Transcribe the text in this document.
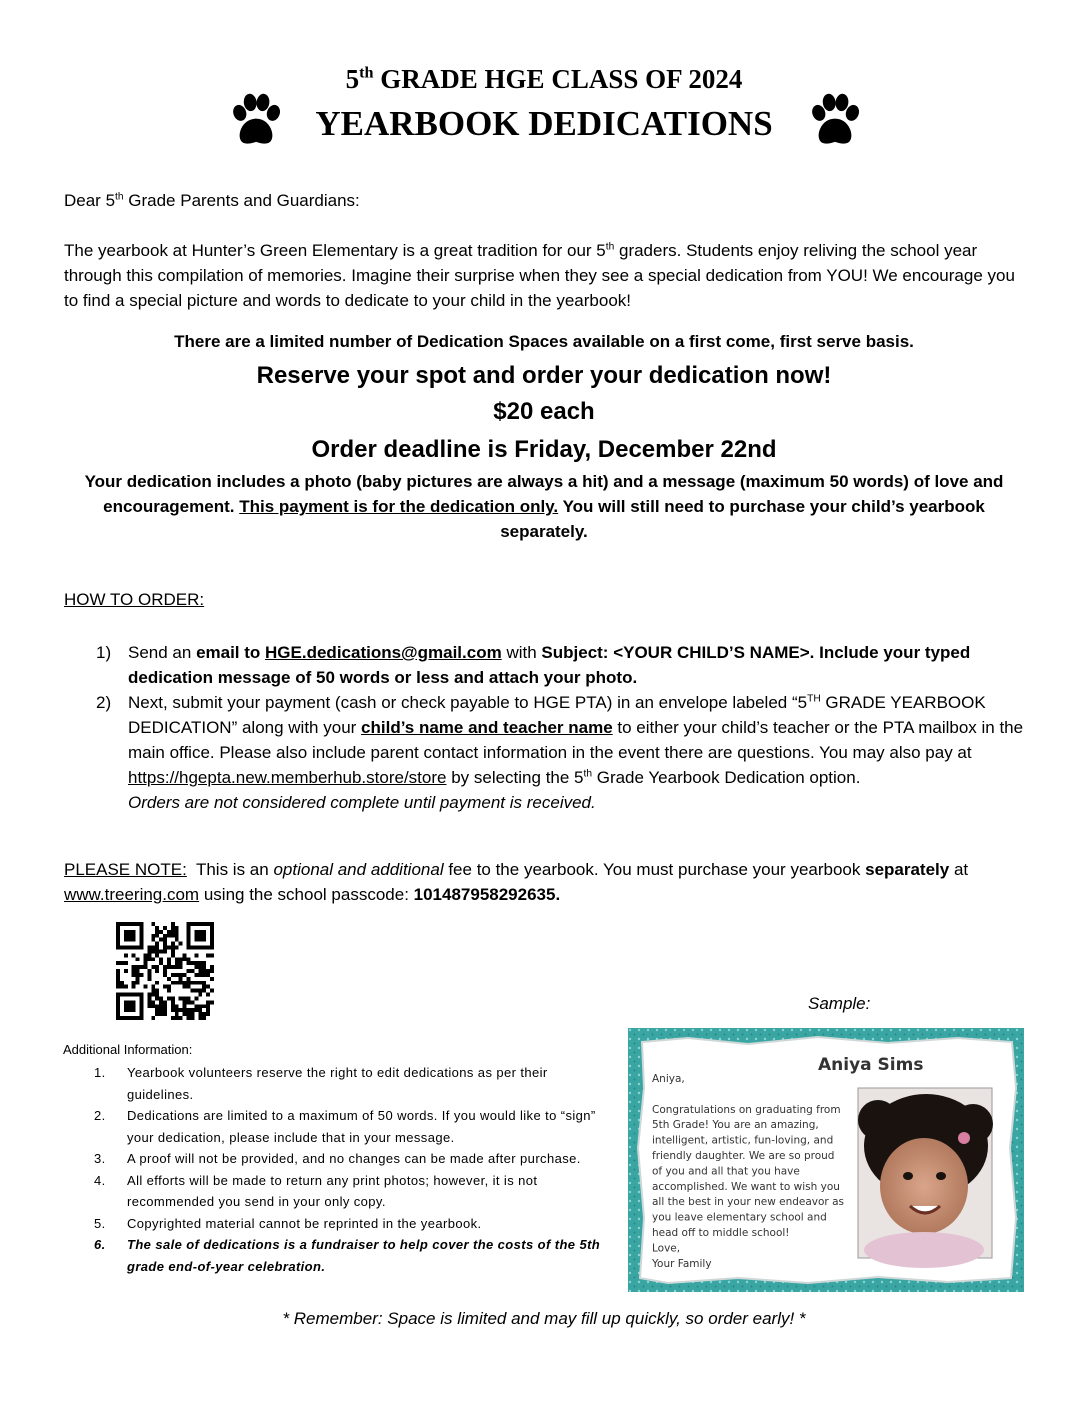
5th GRADE HGE CLASS OF 2024
YEARBOOK DEDICATIONS
Dear 5th Grade Parents and Guardians:
The yearbook at Hunter’s Green Elementary is a great tradition for our 5th graders. Students enjoy reliving the school year through this compilation of memories. Imagine their surprise when they see a special dedication from YOU! We encourage you to find a special picture and words to dedicate to your child in the yearbook!
There are a limited number of Dedication Spaces available on a first come, first serve basis.
Reserve your spot and order your dedication now!
$20 each
Order deadline is Friday, December 22nd
Your dedication includes a photo (baby pictures are always a hit) and a message (maximum 50 words) of love and encouragement. This payment is for the dedication only. You will still need to purchase your child’s yearbook separately.
HOW TO ORDER:
1) Send an email to HGE.dedications@gmail.com with Subject: <YOUR CHILD’S NAME>. Include your typed dedication message of 50 words or less and attach your photo.
2) Next, submit your payment (cash or check payable to HGE PTA) in an envelope labeled “5TH GRADE YEARBOOK DEDICATION” along with your child’s name and teacher name to either your child’s teacher or the PTA mailbox in the main office. Please also include parent contact information in the event there are questions. You may also pay at https://hgepta.new.memberhub.store/store by selecting the 5th Grade Yearbook Dedication option.
Orders are not considered complete until payment is received.
PLEASE NOTE:  This is an optional and additional fee to the yearbook. You must purchase your yearbook separately at www.treering.com using the school passcode: 101487958292635.
Sample:
Aniya Sims
Aniya,
Congratulations on graduating from
5th Grade! You are an amazing,
intelligent, artistic, fun-loving, and
friendly daughter. We are so proud
of you and all that you have
accomplished. We want to wish you
all the best in your new endeavor as
you leave elementary school and
head off to middle school!
Love,
Your Family
Additional Information:
1. Yearbook volunteers reserve the right to edit dedications as per their guidelines.
2. Dedications are limited to a maximum of 50 words. If you would like to “sign” your dedication, please include that in your message.
3. A proof will not be provided, and no changes can be made after purchase.
4. All efforts will be made to return any print photos; however, it is not recommended you send in your only copy.
5. Copyrighted material cannot be reprinted in the yearbook.
6. The sale of dedications is a fundraiser to help cover the costs of the 5th grade end-of-year celebration.
* Remember: Space is limited and may fill up quickly, so order early! *
